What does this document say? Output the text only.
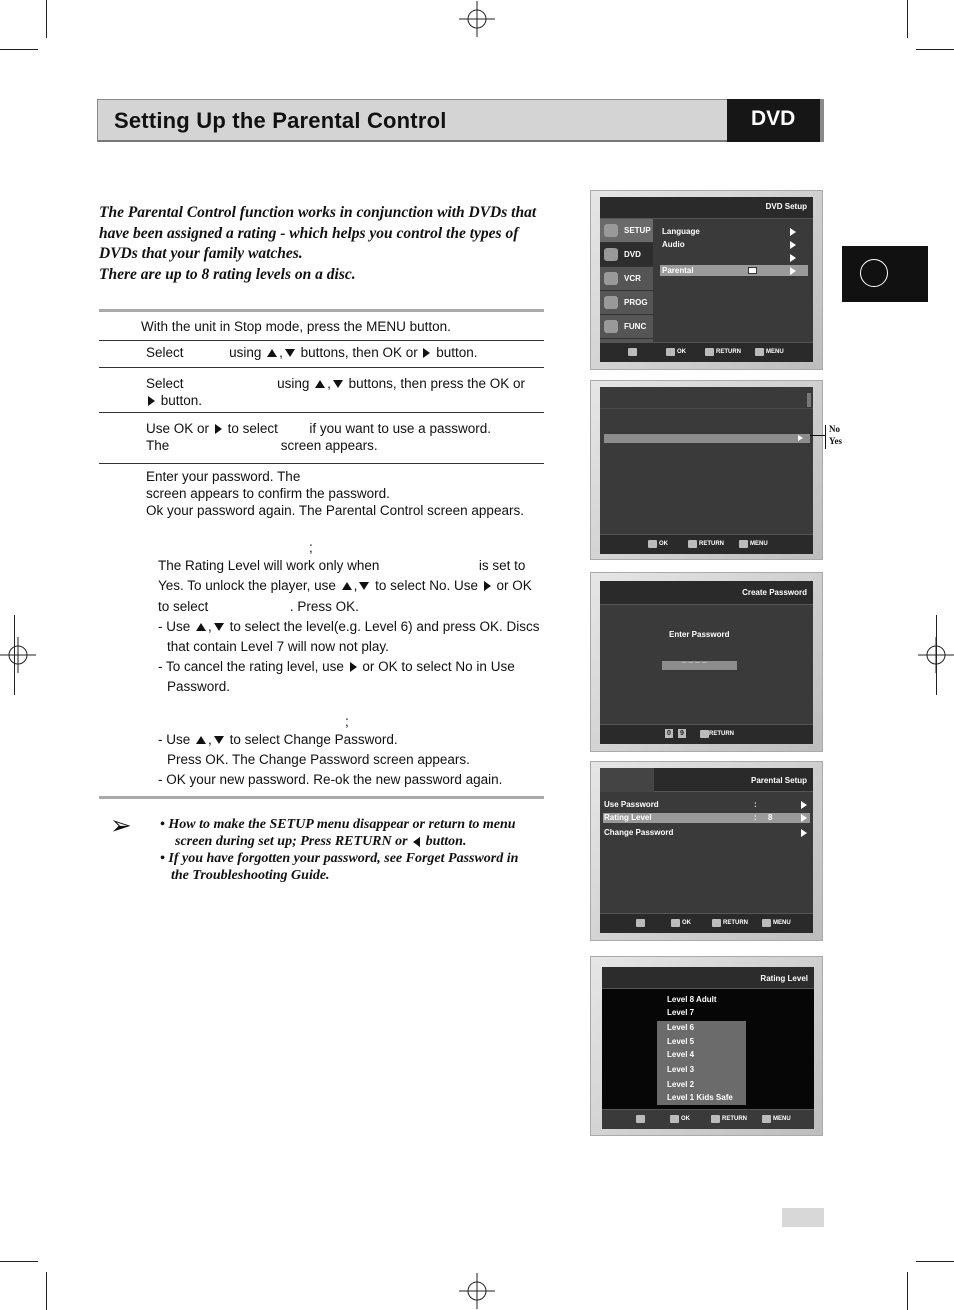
Setting Up the Parental Control	DVD
The Parental Control function works in conjunction with DVDs that
have been assigned a rating - which helps you control the types of
DVDs that your family watches.
There are up to 8 rating levels on a disc.
With the unit in Stop mode, press the MENU button.
Select	using , buttons, then OK or button.
Select	using , buttons, then press the OK or
button.
Use OK or to select if you want to use a password.
The	screen appears.
Enter your password. The
screen appears to confirm the password.
Ok your password again. The Parental Control screen appears.
;
The Rating Level will work only when	is set to
Yes. To unlock the player, use , to select No. Use or OK
to select	. Press OK.
- Use , to select the level(e.g. Level 6) and press OK. Discs
that contain Level 7 will now not play.
- To cancel the rating level, use or OK to select No in Use
Password.
;
- Use , to select Change Password.
Press OK. The Change Password screen appears.
- OK your new password. Re-ok the new password again.
➢ • How to make the SETUP menu disappear or return to menu
screen during set up; Press RETURN or button.
• If you have forgotten your password, see Forget Password in
the Troubleshooting Guide.
DVD Setup
SETUP
DVD
VCR
PROG
FUNC
Language
Audio
Parental
OK	RETURN	MENU
OK	RETURN	MENU
No
Yes
Create Password
Enter Password
_ _ _ _
0 9	RETURN
Parental Setup
Use Password	:
Rating Level	: 8
Change Password
OK	RETURN	MENU
Rating Level
Level 8 Adult
Level 7
Level 6
Level 5
Level 4
Level 3
Level 2
Level 1 Kids Safe
OK	RETURN	MENU
